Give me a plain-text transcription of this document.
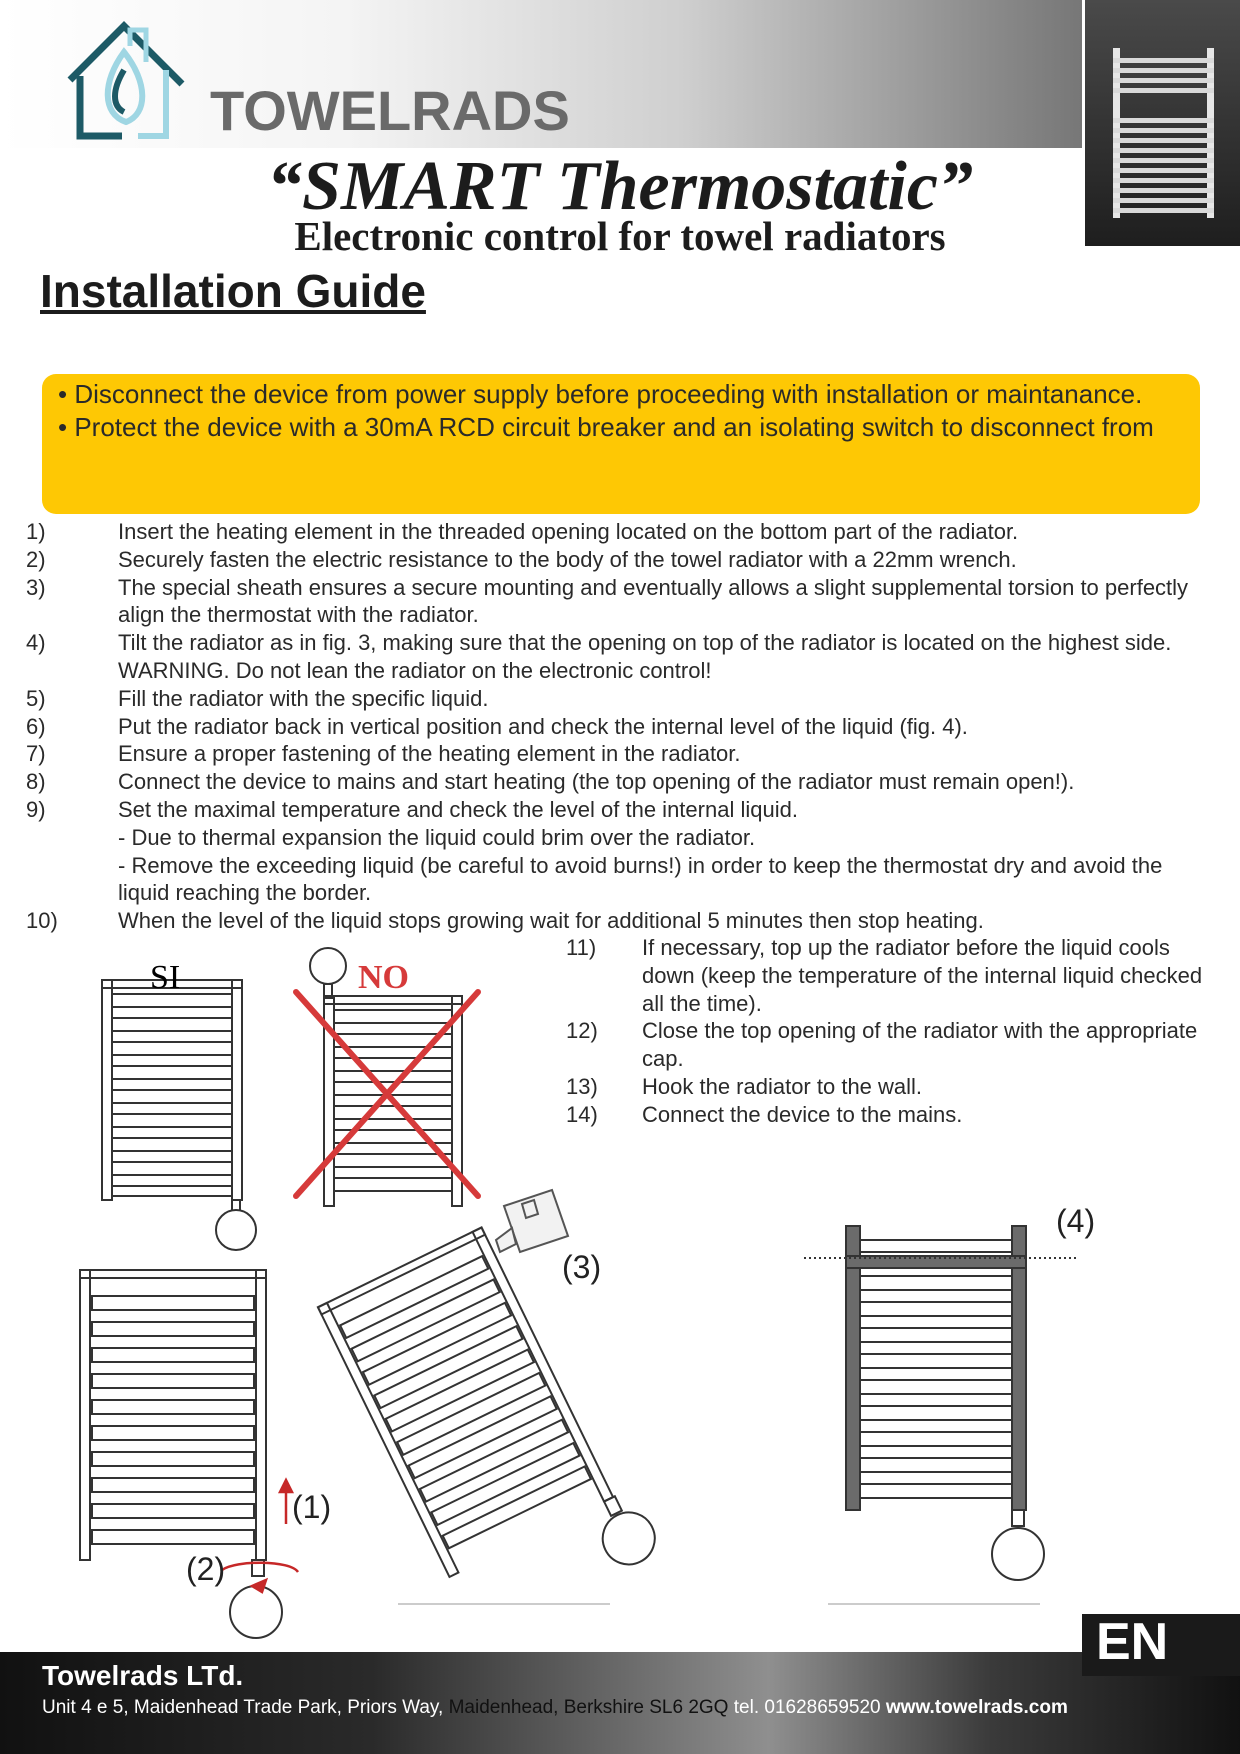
TOWELRADS
“SMART Thermostatic”
Electronic control for towel radiators
Installation Guide

• Disconnect the device from power supply before proceeding with installation or maintanance.

• Protect the device with a 30mA RCD circuit breaker and an isolating switch to disconnect from

1)	Insert the heating element in the threaded opening located on the bottom part of the radiator.
2)	Securely fasten the electric resistance to the body of the towel radiator with a 22mm wrench.
3)	The special sheath ensures a secure mounting and eventually allows a slight supplemental torsion to perfectly align the thermostat with the radiator.
4)	Tilt the radiator as in fig. 3, making sure that the opening on top of the radiator is located on the highest side. WARNING. Do not lean the radiator on the electronic control!
5)	Fill the radiator with the specific liquid.
6)	Put the radiator back in vertical position and check the internal level of the liquid (fig. 4).
7)	Ensure a proper fastening of the heating element in the radiator.
8)	Connect the device to mains and start heating (the top opening of the radiator must remain open!).
9)	Set the maximal temperature and check the level of the internal liquid.
- Due to thermal expansion the liquid could brim over the radiator.
- Remove the exceeding liquid (be careful to avoid burns!) in order to keep the thermostat dry and avoid the liquid reaching the border.
10)	When the level of the liquid stops growing wait for additional 5 minutes then stop heating.
11)	If necessary, top up the radiator before the liquid cools down (keep the temperature of the internal liquid checked all the time).
12)	Close the top opening of the radiator with the appropriate cap.
13)	Hook the radiator to the wall.
14)	Connect the device to the mains.
SI	NO
(1)
(2)
(3)
(4)
EN
Towelrads LTd.
Unit 4 e 5, Maidenhead Trade Park, Priors Way, Maidenhead, Berkshire SL6 2GQ tel. 01628659520 www.towelrads.com
